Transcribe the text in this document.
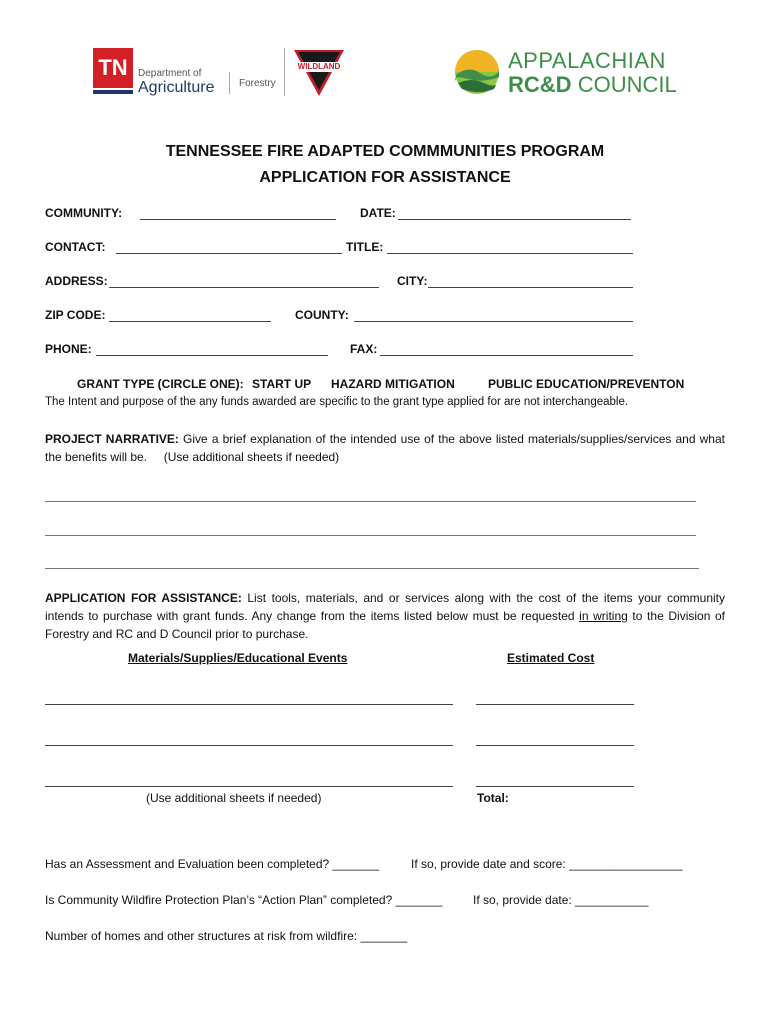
TN	Department of
Agriculture Forestry
WILDLAND	APPALACHIAN
RC&D COUNCIL
TENNESSEE FIRE ADAPTED COMMMUNITIES PROGRAM
APPLICATION FOR ASSISTANCE
COMMUNITY:	DATE:
CONTACT:	TITLE:
ADDRESS:	CITY:
ZIP CODE:	COUNTY:
PHONE:	FAX:
GRANT TYPE (CIRCLE ONE): START UP HAZARD MITIGATION	PUBLIC EDUCATION/PREVENTON
The Intent and purpose of the any funds awarded are specific to the grant type applied for are not interchangeable.
PROJECT NARRATIVE: Give a brief explanation of the intended use of the above listed materials/supplies/services and what the benefits will be. (Use additional sheets if needed)
APPLICATION FOR ASSISTANCE: List tools, materials, and or services along with the cost of the items your community intends to purchase with grant funds. Any change from the items listed below must be requested in writing to the Division of Forestry and RC and D Council prior to purchase.
Materials/Supplies/Educational Events	Estimated Cost
(Use additional sheets if needed)	Total:
Has an Assessment and Evaluation been completed? _______	If so, provide date and score: _________________
Is Community Wildfire Protection Plan’s “Action Plan” completed? _______	If so, provide date: ___________
Number of homes and other structures at risk from wildfire: _______
